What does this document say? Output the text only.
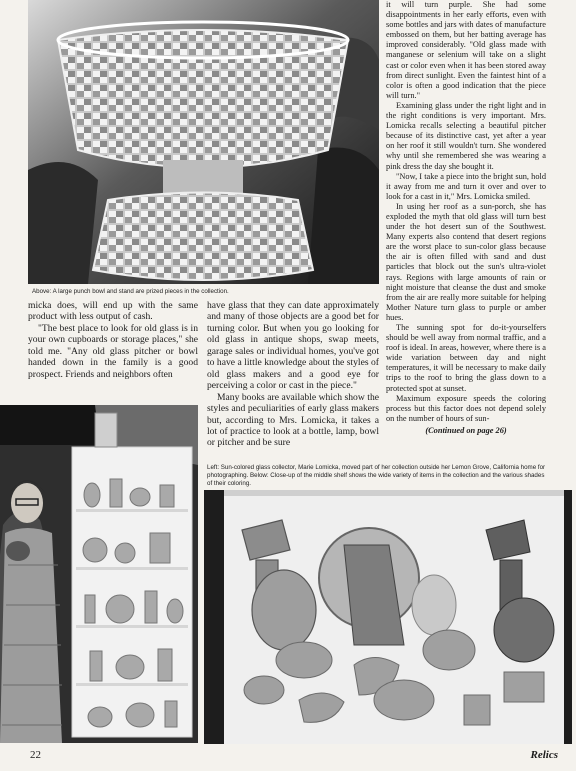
Above: A large punch bowl and stand are prized pieces in the collection.

it will turn purple. She had some disappointments in her early efforts, even with some bottles and jars with dates of manufacture embossed on them, but her batting average has improved considerably. "Old glass made with manganese or selenium will take on a slight cast or color even when it has been stored away from direct sunlight. Even the faintest hint of a color is often a good indication that the piece will turn."

Examining glass under the right light and in the right conditions is very important. Mrs. Lomicka recalls selecting a beautiful pitcher because of its distinctive cast, yet after a year on her roof it still wouldn't turn. She wondered why until she remembered she was wearing a pink dress the day she bought it.

"Now, I take a piece into the bright sun, hold it away from me and turn it over and over to look for a cast in it," Mrs. Lomicka smiled.

In using her roof as a sun-porch, she has exploded the myth that old glass will turn best under the hot desert sun of the Southwest. Many experts also contend that desert regions are the worst place to sun-color glass because the air is often filled with sand and dust particles that block out the sun's ultra-violet rays. Regions with large amounts of rain or night moisture that cleanse the dust and smoke from the air are really more suitable for helping Mother Nature turn glass to purple or amber hues.

The sunning spot for do-it-yourselfers should be well away from normal traffic, and a roof is ideal. In areas, however, where there is a wide variation between day and night temperatures, it will be necessary to make daily trips to the roof to bring the glass down to a protected spot at sunset.

Maximum exposure speeds the coloring process but this factor does not depend solely on the number of hours of sun-

(Continued on page 26)

micka does, will end up with the same product with less output of cash.

"The best place to look for old glass is in your own cupboards or storage places," she told me. "Any old glass pitcher or bowl handed down in the family is a good prospect. Friends and neighbors often

have glass that they can date approximately and many of those objects are a good bet for turning color. But when you go looking for old glass in antique shops, swap meets, garage sales or individual homes, you've got to have a little knowledge about the styles of old glass makers and a good eye for perceiving a color or cast in the piece."

Many books are available which show the styles and peculiarities of early glass makers but, according to Mrs. Lomicka, it takes a lot of practice to look at a bottle, lamp, bowl or pitcher and be sure

Left: Sun-colored glass collector, Marie Lomicka, moved part of her collection outside her Lemon Grove, California home for photographing. Below: Close-up of the middle shelf shows the wide variety of items in the collection and the various shades of their coloring.
22	Relics
